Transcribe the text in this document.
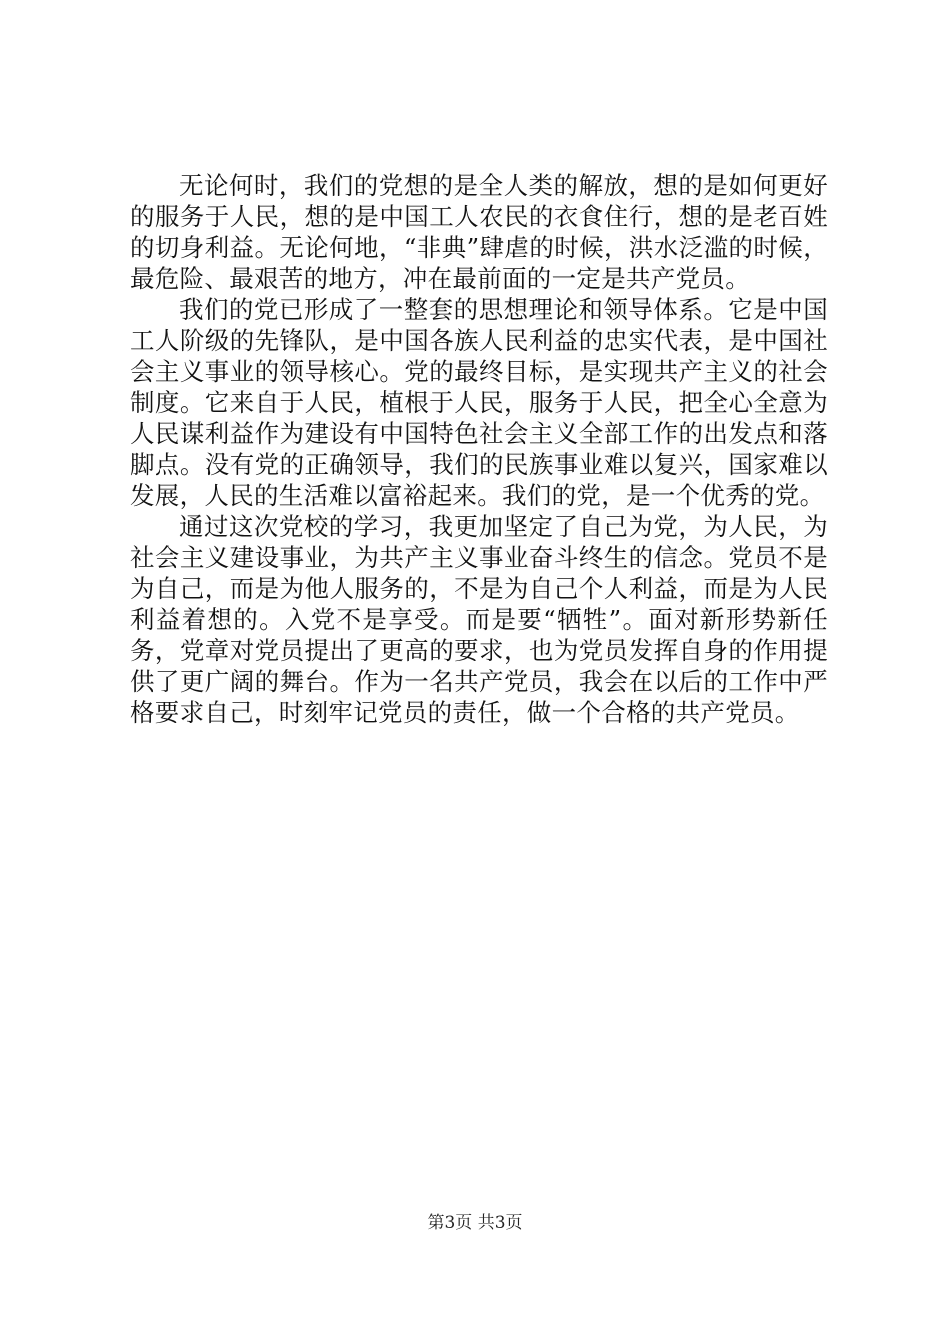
无论何时，我们的党想的是全人类的解放，想的是如何更好的服务于人民，想的是中国工人农民的衣食住行，想的是老百姓的切身利益。无论何地，“非典”肆虐的时候，洪水泛滥的时候，最危险、最艰苦的地方，冲在最前面的一定是共产党员。

我们的党已形成了一整套的思想理论和领导体系。它是中国工人阶级的先锋队，是中国各族人民利益的忠实代表，是中国社会主义事业的领导核心。党的最终目标，是实现共产主义的社会制度。它来自于人民，植根于人民，服务于人民，把全心全意为人民谋利益作为建设有中国特色社会主义全部工作的出发点和落脚点。没有党的正确领导，我们的民族事业难以复兴，国家难以发展，人民的生活难以富裕起来。我们的党，是一个优秀的党。

通过这次党校的学习，我更加坚定了自己为党，为人民，为社会主义建设事业，为共产主义事业奋斗终生的信念。党员不是为自己，而是为他人服务的，不是为自己个人利益，而是为人民利益着想的。入党不是享受。而是要“牺牲”。面对新形势新任务，党章对党员提出了更高的要求，也为党员发挥自身的作用提供了更广阔的舞台。作为一名共产党员，我会在以后的工作中严格要求自己，时刻牢记党员的责任，做一个合格的共产党员。

第3页 共3页
